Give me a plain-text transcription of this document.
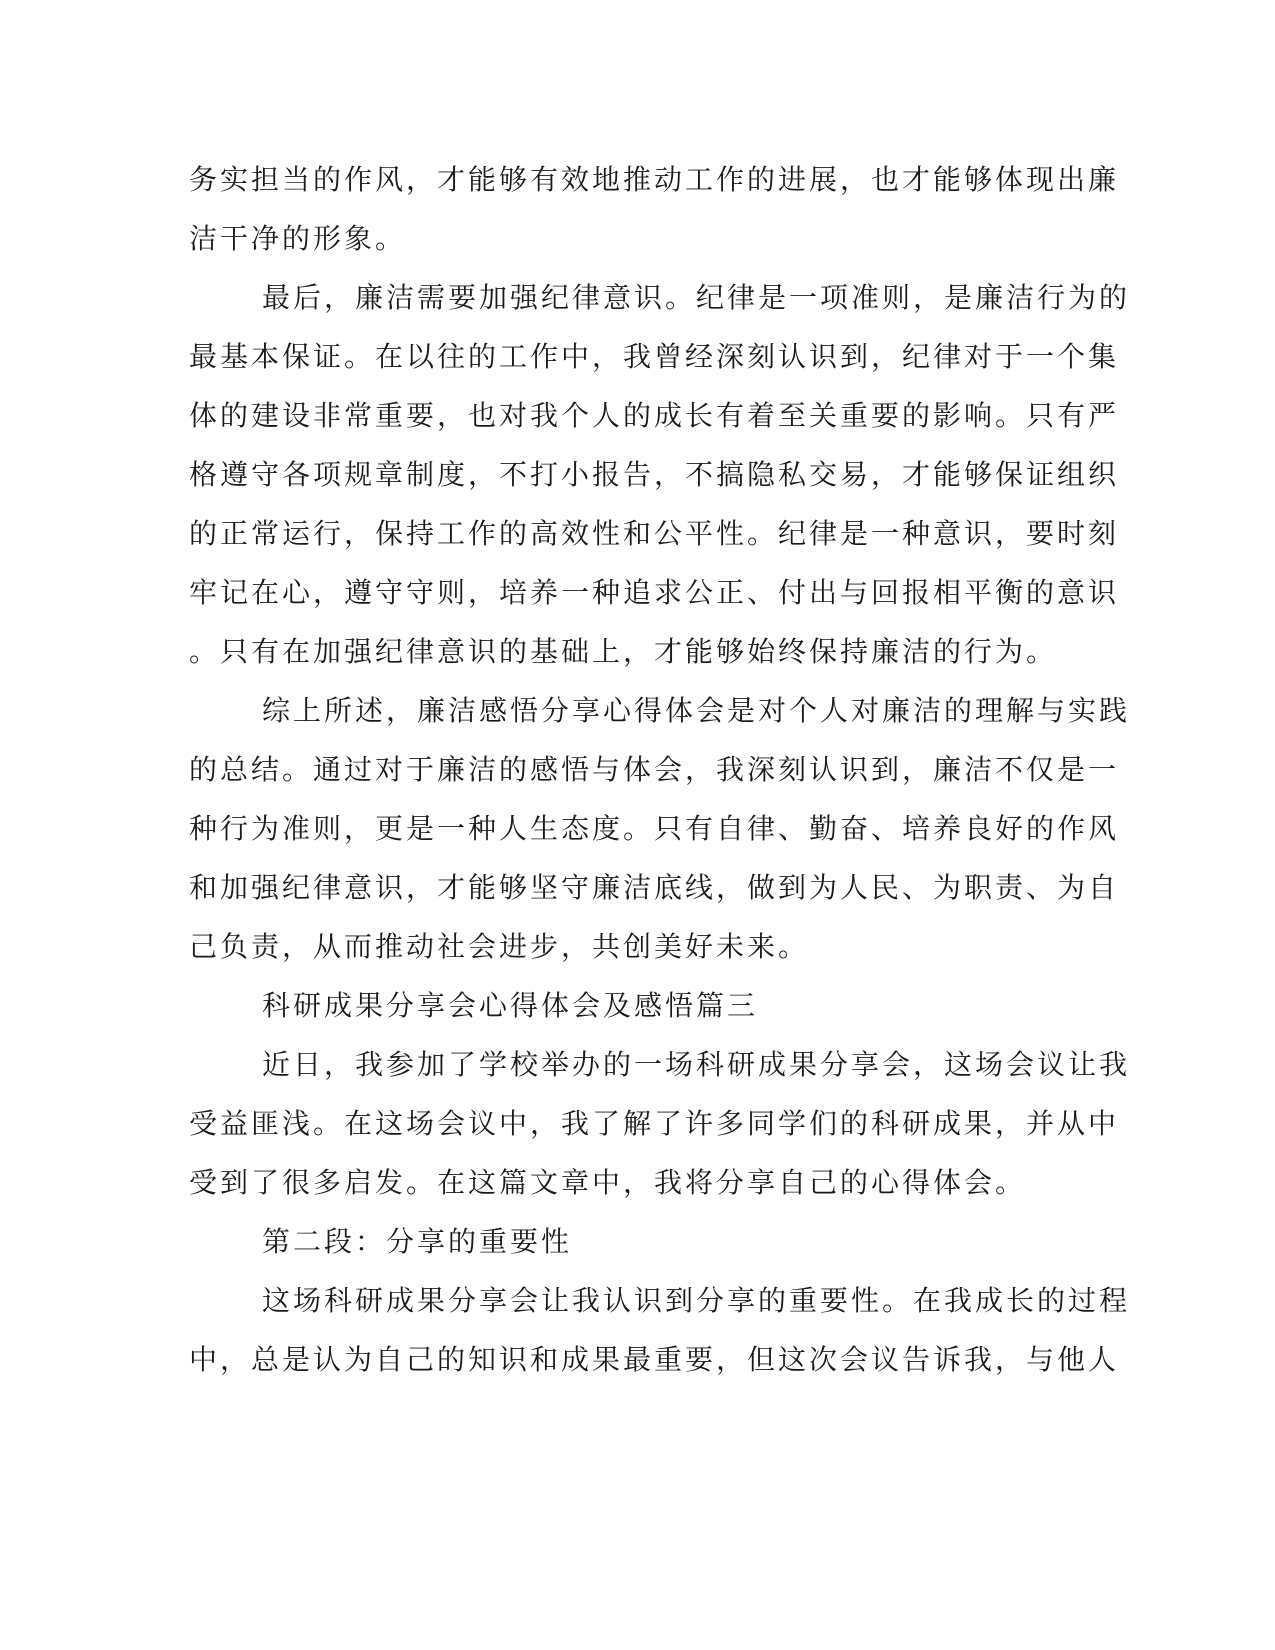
务实担当的作风，才能够有效地推动工作的进展，也才能够体现出廉
洁干净的形象。
最后，廉洁需要加强纪律意识。纪律是一项准则，是廉洁行为的
最基本保证。在以往的工作中，我曾经深刻认识到，纪律对于一个集
体的建设非常重要，也对我个人的成长有着至关重要的影响。只有严
格遵守各项规章制度，不打小报告，不搞隐私交易，才能够保证组织
的正常运行，保持工作的高效性和公平性。纪律是一种意识，要时刻
牢记在心，遵守守则，培养一种追求公正、付出与回报相平衡的意识
。只有在加强纪律意识的基础上，才能够始终保持廉洁的行为。
综上所述，廉洁感悟分享心得体会是对个人对廉洁的理解与实践
的总结。通过对于廉洁的感悟与体会，我深刻认识到，廉洁不仅是一
种行为准则，更是一种人生态度。只有自律、勤奋、培养良好的作风
和加强纪律意识，才能够坚守廉洁底线，做到为人民、为职责、为自
己负责，从而推动社会进步，共创美好未来。
科研成果分享会心得体会及感悟篇三
近日，我参加了学校举办的一场科研成果分享会，这场会议让我
受益匪浅。在这场会议中，我了解了许多同学们的科研成果，并从中
受到了很多启发。在这篇文章中，我将分享自己的心得体会。
第二段：分享的重要性
这场科研成果分享会让我认识到分享的重要性。在我成长的过程
中，总是认为自己的知识和成果最重要，但这次会议告诉我，与他人
